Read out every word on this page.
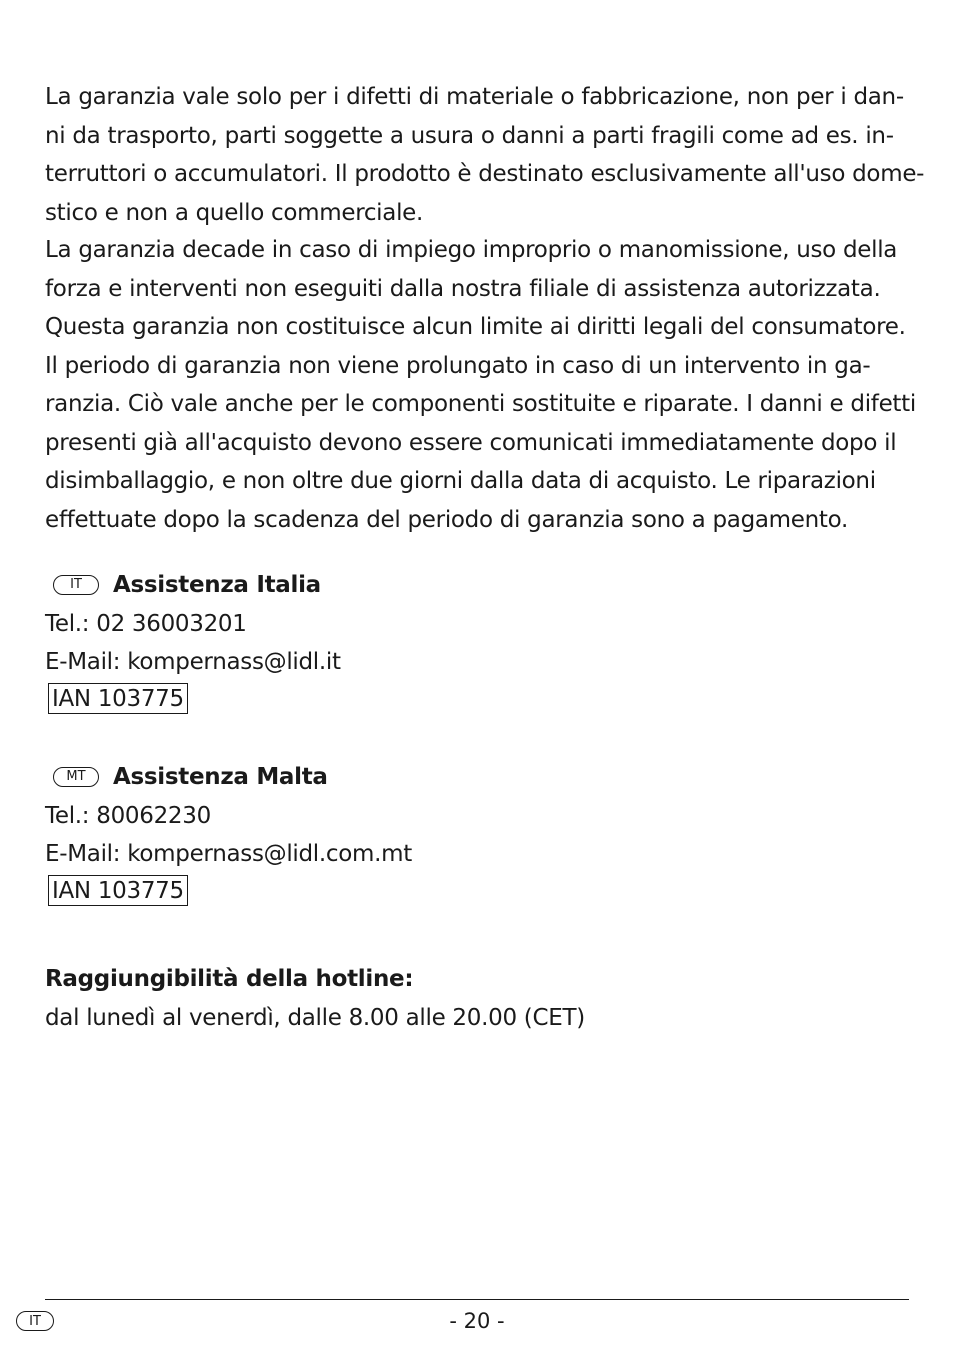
La garanzia vale solo per i difetti di materiale o fabbricazione, non per i dan-
ni da trasporto, parti soggette a usura o danni a parti fragili come ad es. in-
terruttori o accumulatori. Il prodotto è destinato esclusivamente all'uso dome-
stico e non a quello commerciale.
La garanzia decade in caso di impiego improprio o manomissione, uso della
forza e interventi non eseguiti dalla nostra filiale di assistenza autorizzata.
Questa garanzia non costituisce alcun limite ai diritti legali del consumatore.
Il periodo di garanzia non viene prolungato in caso di un intervento in ga-
ranzia. Ciò vale anche per le componenti sostituite e riparate. I danni e difetti
presenti già all'acquisto devono essere comunicati immediatamente dopo il
disimballaggio, e non oltre due giorni dalla data di acquisto. Le riparazioni
effettuate dopo la scadenza del periodo di garanzia sono a pagamento.
IT	Assistenza Italia
Tel.: 02 36003201
E-Mail: kompernass@lidl.it
IAN 103775
MT	Assistenza Malta
Tel.: 80062230
E-Mail: kompernass@lidl.com.mt
IAN 103775
Raggiungibilità della hotline:
dal lunedì al venerdì, dalle 8.00 alle 20.00 (CET)
IT	- 20 -
